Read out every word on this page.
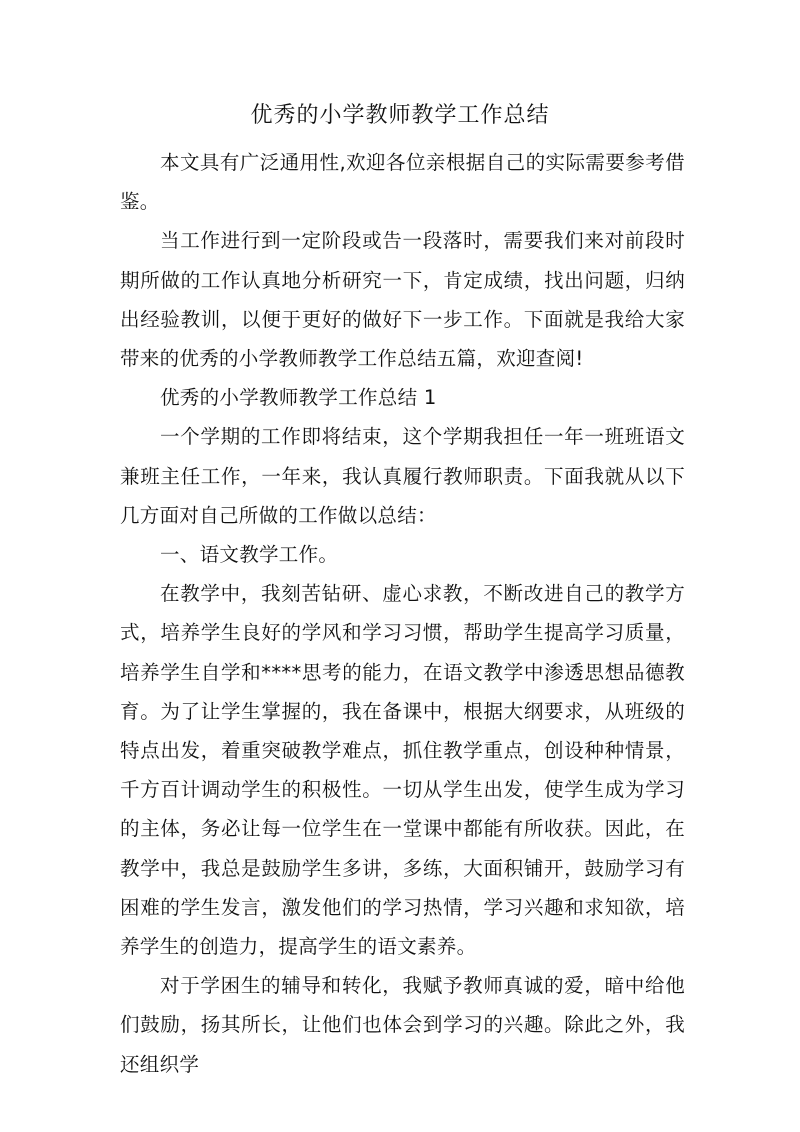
优秀的小学教师教学工作总结

本文具有广泛通用性,欢迎各位亲根据自己的实际需要参考借鉴。

当工作进行到一定阶段或告一段落时，需要我们来对前段时期所做的工作认真地分析研究一下，肯定成绩，找出问题，归纳出经验教训，以便于更好的做好下一步工作。下面就是我给大家带来的优秀的小学教师教学工作总结五篇，欢迎查阅!

优秀的小学教师教学工作总结 1

一个学期的工作即将结束，这个学期我担任一年一班班语文兼班主任工作，一年来，我认真履行教师职责。下面我就从以下几方面对自己所做的工作做以总结：

一、语文教学工作。

在教学中，我刻苦钻研、虚心求教，不断改进自己的教学方式，培养学生良好的学风和学习习惯，帮助学生提高学习质量，培养学生自学和****思考的能力，在语文教学中渗透思想品德教育。为了让学生掌握的，我在备课中，根据大纲要求，从班级的特点出发，着重突破教学难点，抓住教学重点，创设种种情景，千方百计调动学生的积极性。一切从学生出发，使学生成为学习的主体，务必让每一位学生在一堂课中都能有所收获。因此，在教学中，我总是鼓励学生多讲，多练，大面积铺开，鼓励学习有困难的学生发言，激发他们的学习热情，学习兴趣和求知欲，培养学生的创造力，提高学生的语文素养。

对于学困生的辅导和转化，我赋予教师真诚的爱，暗中给他们鼓励，扬其所长，让他们也体会到学习的兴趣。除此之外，我还组织学
